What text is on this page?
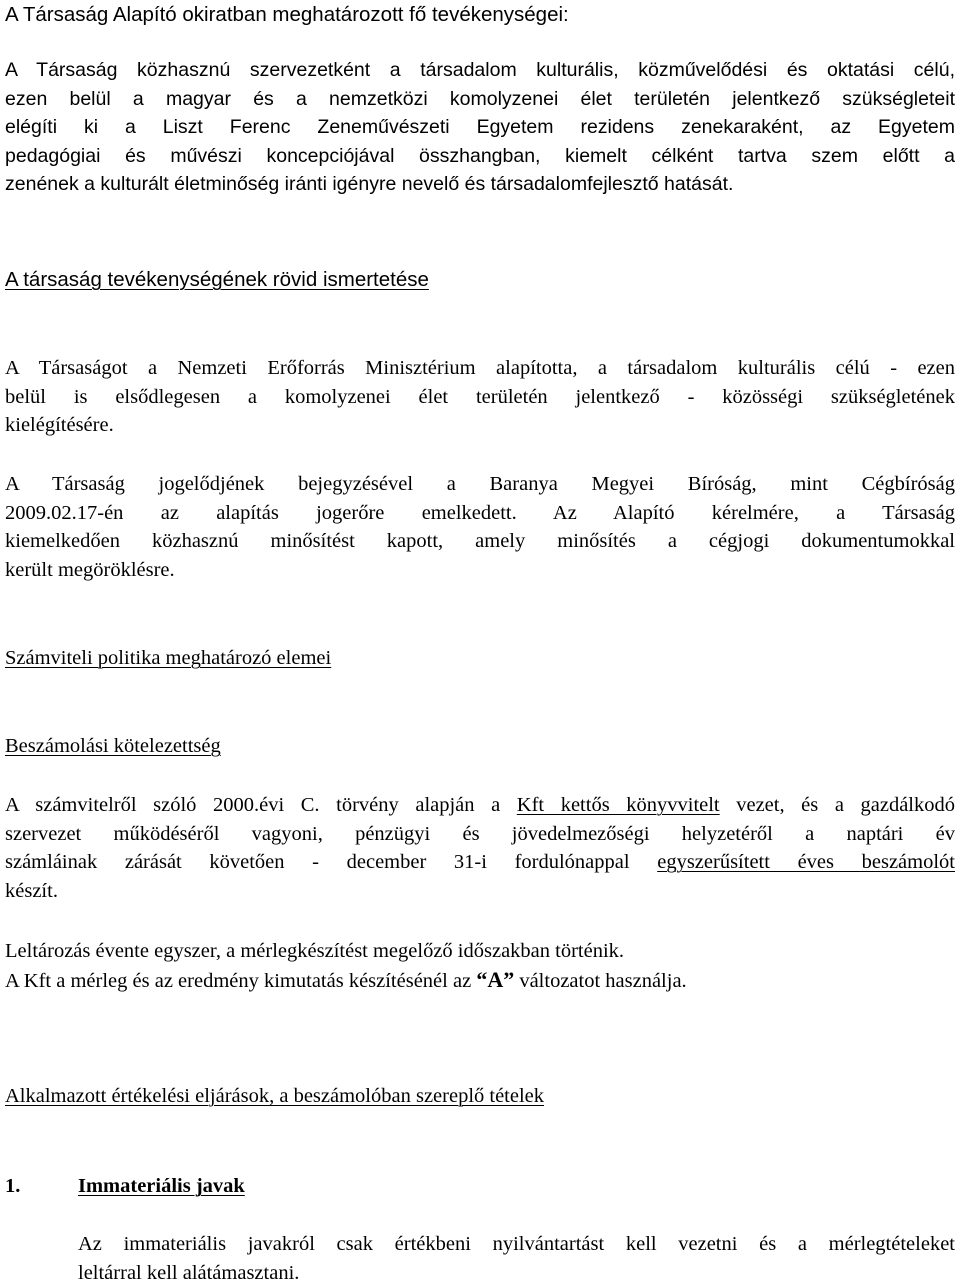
A Társaság Alapító okiratban meghatározott fő tevékenységei:
A Társaság közhasznú szervezetként a társadalom kulturális, közművelődési és oktatási célú,
ezen belül a magyar és a nemzetközi komolyzenei élet területén jelentkező szükségleteit
elégíti ki a Liszt Ferenc Zeneművészeti Egyetem rezidens zenekaraként, az Egyetem
pedagógiai és művészi koncepciójával összhangban, kiemelt célként tartva szem előtt a
zenének a kulturált életminőség iránti igényre nevelő és társadalomfejlesztő hatását.
A társaság tevékenységének rövid ismertetése
A Társaságot a Nemzeti Erőforrás Minisztérium alapította, a társadalom kulturális célú - ezen
belül is elsődlegesen a komolyzenei élet területén jelentkező - közösségi szükségletének
kielégítésére.
A Társaság jogelődjének bejegyzésével a Baranya Megyei Bíróság, mint Cégbíróság
2009.02.17-én az alapítás jogerőre emelkedett. Az Alapító kérelmére, a Társaság
kiemelkedően közhasznú minősítést kapott, amely minősítés a cégjogi dokumentumokkal
került megöröklésre.
Számviteli politika meghatározó elemei
Beszámolási kötelezettség
A számvitelről szóló 2000.évi C. törvény alapján a Kft kettős könyvvitelt vezet, és a gazdálkodó
szervezet működéséről vagyoni, pénzügyi és jövedelmezőségi helyzetéről a naptári év
számláinak zárását követően - december 31-i fordulónappal egyszerűsített éves beszámolót
készít.
Leltározás évente egyszer, a mérlegkészítést megelőző időszakban történik.
A Kft a mérleg és az eredmény kimutatás készítésénél az “A” változatot használja.
Alkalmazott értékelési eljárások, a beszámolóban szereplő tételek
1.	Immateriális javak
Az immateriális javakról csak értékbeni nyilvántartást kell vezetni és a mérlegtételeket
leltárral kell alátámasztani.
